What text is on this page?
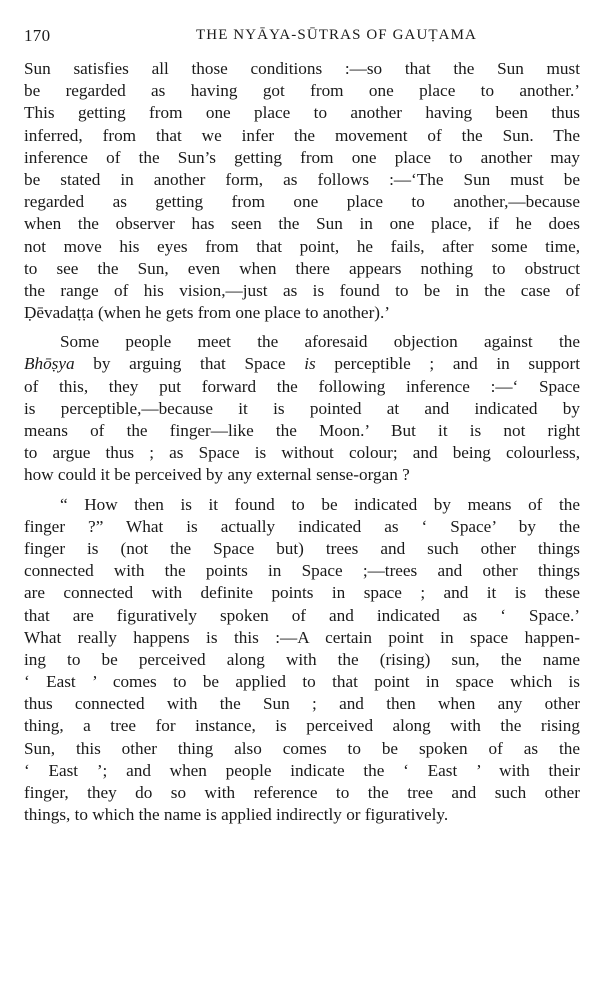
170	THE NYĀYA-SŪTRAS OF GAUṬAMA
Sun satisfies all those conditions :—so that the Sun must
be regarded as having got from one place to another.’
This getting from one place to another having been thus
inferred, from that we infer the movement of the Sun. The
inference of the Sun’s getting from one place to another may
be stated in another form, as follows :—‘The Sun must be
regarded as getting from one place to another,—because
when the observer has seen the Sun in one place, if he does
not move his eyes from that point, he fails, after some time,
to see the Sun, even when there appears nothing to obstruct
the range of his vision,—just as is found to be in the case of
Ḍēvadaṭṭa (when he gets from one place to another).’
Some people meet the aforesaid objection against the
Bhōṣya by arguing that Space is perceptible ; and in support
of this, they put forward the following inference :—‘ Space
is perceptible,—because it is pointed at and indicated by
means of the finger—like the Moon.’ But it is not right
to argue thus ; as Space is without colour; and being colourless,
how could it be perceived by any external sense-organ ?
“ How then is it found to be indicated by means of the
finger ?” What is actually indicated as ‘ Space’ by the
finger is (not the Space but) trees and such other things
connected with the points in Space ;—trees and other things
are connected with definite points in space ; and it is these
that are figuratively spoken of and indicated as ‘ Space.’
What really happens is this :—A certain point in space happen-
ing to be perceived along with the (rising) sun, the name
‘ East ’ comes to be applied to that point in space which is
thus connected with the Sun ; and then when any other
thing, a tree for instance, is perceived along with the rising
Sun, this other thing also comes to be spoken of as the
‘ East ’; and when people indicate the ‘ East ’ with their
finger, they do so with reference to the tree and such other
things, to which the name is applied indirectly or figuratively.
